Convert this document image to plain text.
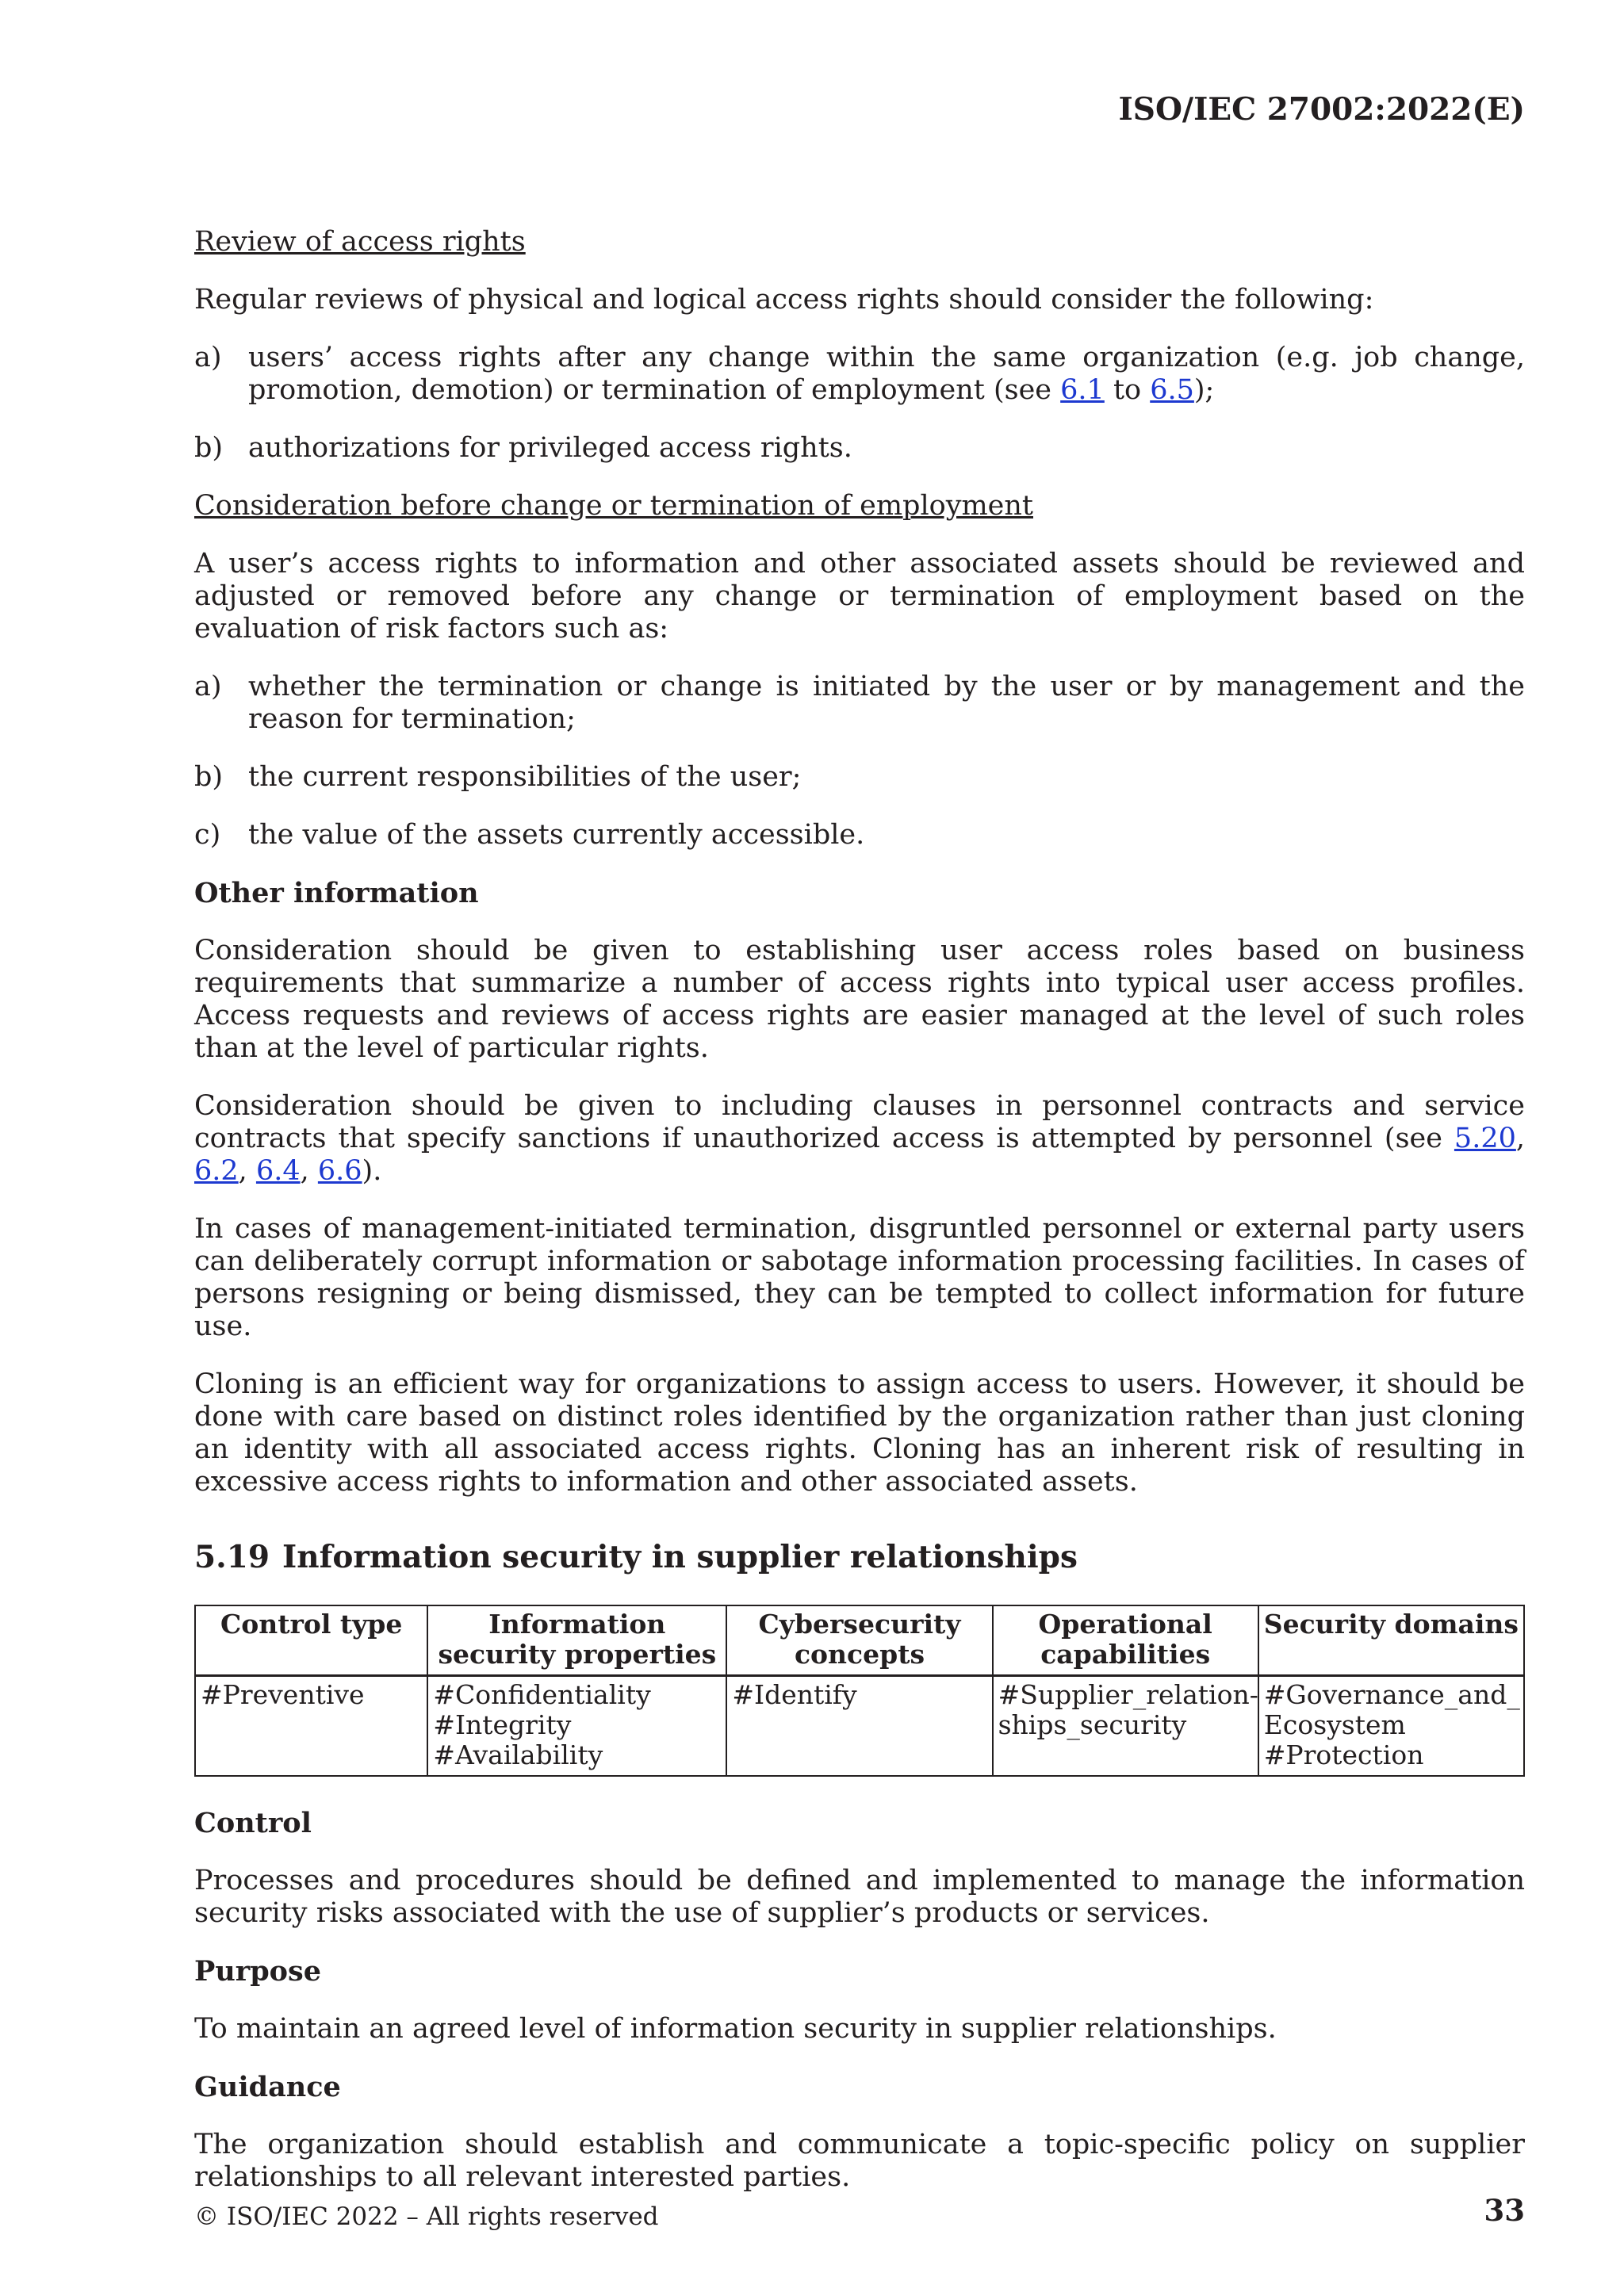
ISO/IEC 27002:2022(E)

Review of access rights

Regular reviews of physical and logical access rights should consider the following:

a) users’ access rights after any change within the same organization (e.g. job change, promotion, demotion) or termination of employment (see 6.1 to 6.5);
b) authorizations for privileged access rights.

Consideration before change or termination of employment

A user’s access rights to information and other associated assets should be reviewed and adjusted or removed before any change or termination of employment based on the evaluation of risk factors such as:

a) whether the termination or change is initiated by the user or by management and the reason for termination;
b) the current responsibilities of the user;
c) the value of the assets currently accessible.

Other information

Consideration should be given to establishing user access roles based on business requirements that summarize a number of access rights into typical user access profiles. Access requests and reviews of access rights are easier managed at the level of such roles than at the level of particular rights.

Consideration should be given to including clauses in personnel contracts and service contracts that specify sanctions if unauthorized access is attempted by personnel (see 5.20, 6.2, 6.4, 6.6).

In cases of management-initiated termination, disgruntled personnel or external party users can deliberately corrupt information or sabotage information processing facilities. In cases of persons resigning or being dismissed, they can be tempted to collect information for future use.

Cloning is an efficient way for organizations to assign access to users. However, it should be done with care based on distinct roles identified by the organization rather than just cloning an identity with all associated access rights. Cloning has an inherent risk of resulting in excessive access rights to information and other associated assets.

5.19 Information security in supplier relationships
Control type	Information security properties	Cybersecurity concepts	Operational capabilities	Security domains
#Preventive	#Confidentiality #Integrity #Availability	#Identify	#Supplier_relationships_security	#Governance_and_ Ecosystem #Protection

Control

Processes and procedures should be defined and implemented to manage the information security risks associated with the use of supplier’s products or services.

Purpose

To maintain an agreed level of information security in supplier relationships.

Guidance

The organization should establish and communicate a topic-specific policy on supplier relationships to all relevant interested parties.

© ISO/IEC 2022 – All rights reserved	33
